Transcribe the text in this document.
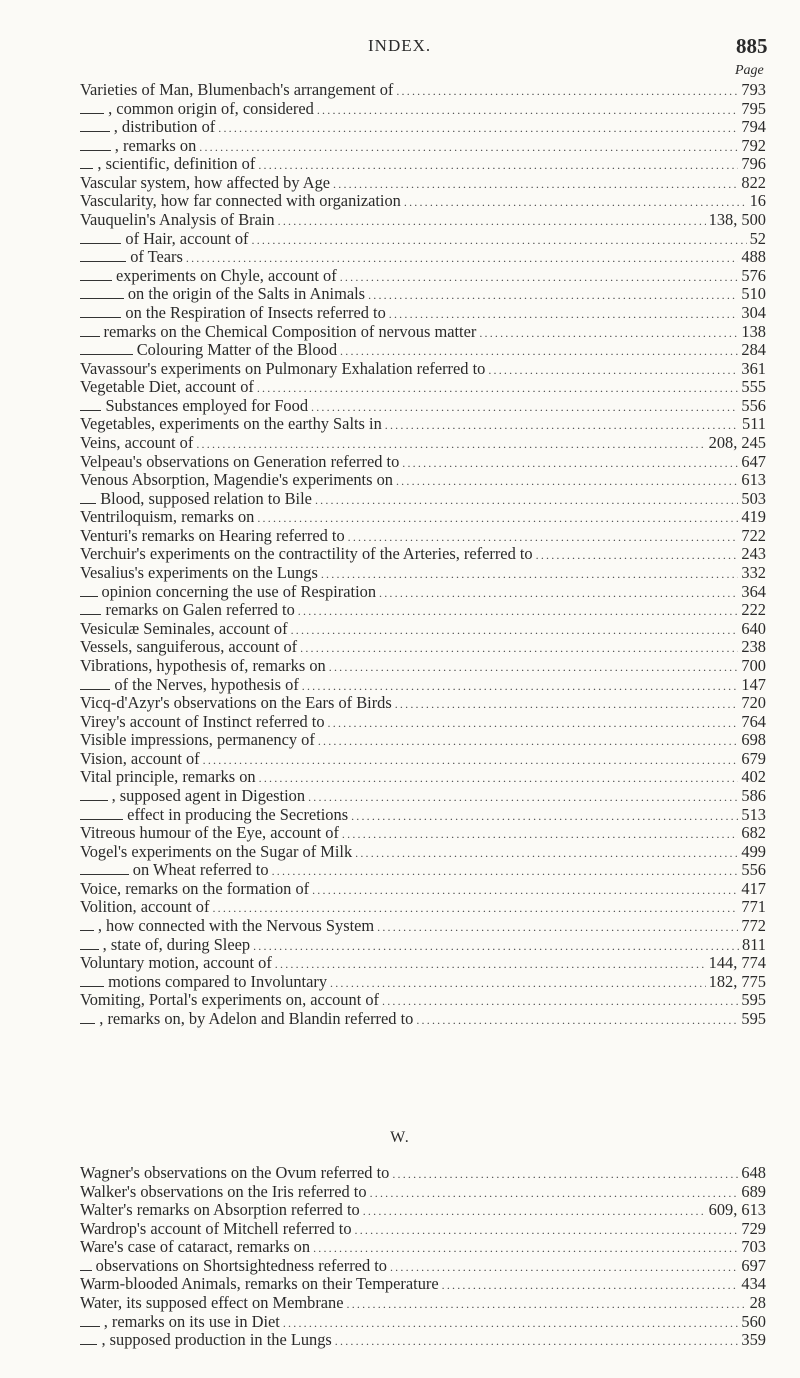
INDEX.	885
Page
Varieties of Man, Blumenbach's arrangement of .....	793
, common origin of, considered .....	795
, distribution of .....	794
, remarks on .....	792
, scientific, definition of .....	796
Vascular system, how affected by Age .....	822
Vascularity, how far connected with organization .....	16
Vauquelin's Analysis of Brain .....	138, 500
of Hair, account of .....	52
of Tears .....	488
experiments on Chyle, account of .....	576
on the origin of the Salts in Animals .....	510
on the Respiration of Insects referred to .....	304
remarks on the Chemical Composition of nervous matter .....	138
Colouring Matter of the Blood .....	284
Vavassour's experiments on Pulmonary Exhalation referred to .....	361
Vegetable Diet, account of .....	555
Substances employed for Food .....	556
Vegetables, experiments on the earthy Salts in .....	511
Veins, account of .....	208, 245
Velpeau's observations on Generation referred to .....	647
Venous Absorption, Magendie's experiments on .....	613
Blood, supposed relation to Bile .....	503
Ventriloquism, remarks on .....	419
Venturi's remarks on Hearing referred to .....	722
Verchuir's experiments on the contractility of the Arteries, referred to .....	243
Vesalius's experiments on the Lungs .....	332
opinion concerning the use of Respiration .....	364
remarks on Galen referred to .....	222
Vesiculæ Seminales, account of .....	640
Vessels, sanguiferous, account of .....	238
Vibrations, hypothesis of, remarks on .....	700
of the Nerves, hypothesis of .....	147
Vicq-d'Azyr's observations on the Ears of Birds .....	720
Virey's account of Instinct referred to .....	764
Visible impressions, permanency of .....	698
Vision, account of .....	679
Vital principle, remarks on .....	402
, supposed agent in Digestion .....	586
effect in producing the Secretions .....	513
Vitreous humour of the Eye, account of .....	682
Vogel's experiments on the Sugar of Milk .....	499
on Wheat referred to .....	556
Voice, remarks on the formation of .....	417
Volition, account of .....	771
, how connected with the Nervous System .....	772
, state of, during Sleep .....	811
Voluntary motion, account of .....	144, 774
motions compared to Involuntary .....	182, 775
Vomiting, Portal's experiments on, account of .....	595
, remarks on, by Adelon and Blandin referred to .....	595
W.
Wagner's observations on the Ovum referred to .....	648
Walker's observations on the Iris referred to .....	689
Walter's remarks on Absorption referred to .....	609, 613
Wardrop's account of Mitchell referred to .....	729
Ware's case of cataract, remarks on .....	703
observations on Shortsightedness referred to .....	697
Warm-blooded Animals, remarks on their Temperature .....	434
Water, its supposed effect on Membrane .....	28
, remarks on its use in Diet .....	560
, supposed production in the Lungs .....	359
